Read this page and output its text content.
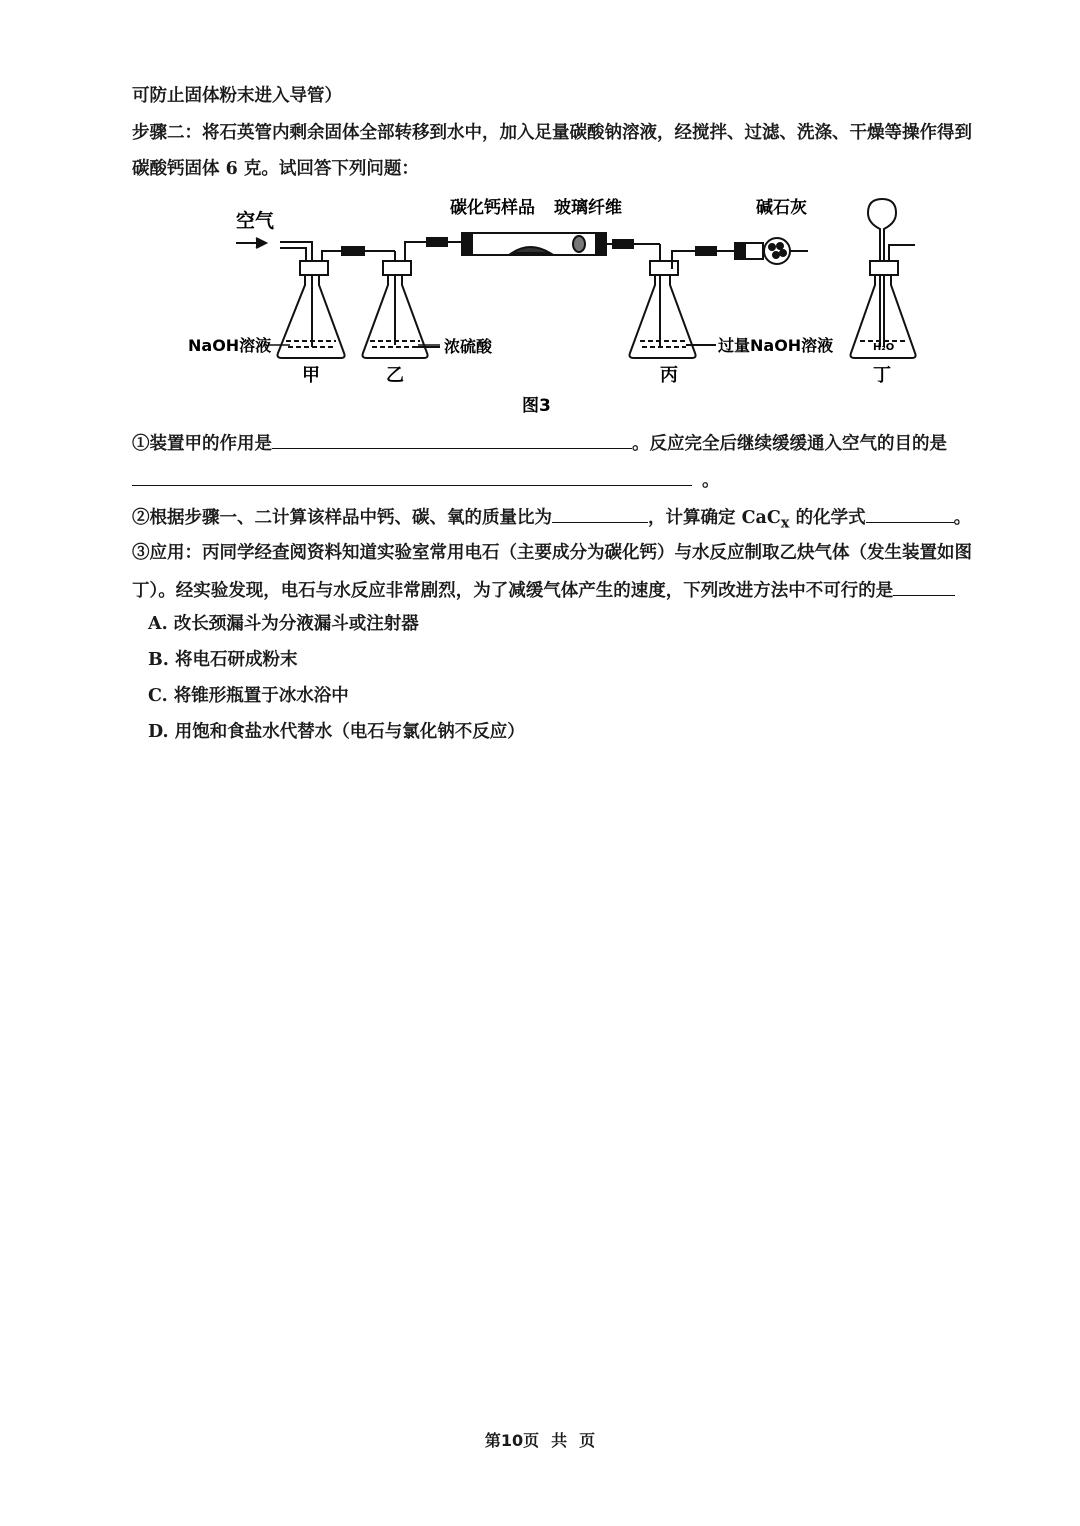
可防止固体粉末进入导管）
步骤二：将石英管内剩余固体全部转移到水中，加入足量碳酸钠溶液，经搅拌、过滤、洗涤、干燥等操作得到
碳酸钙固体 6 克。试回答下列问题：
空气
碳化钙样品 玻璃纤维	碱石灰
NaOH溶液	浓硫酸	过量NaOH溶液	H₂O
甲	乙	丙	丁
图3
①装置甲的作用是	。反应完全后继续缓缓通入空气的目的是
。
②根据步骤一、二计算该样品中钙、碳、氧的质量比为	，计算确定 CaC$_x$ 的化学式	。
③应用：丙同学经查阅资料知道实验室常用电石（主要成分为碳化钙）与水反应制取乙炔气体（发生装置如图
丁）。经实验发现，电石与水反应非常剧烈，为了减缓气体产生的速度，下列改进方法中不可行的是
A. 改长颈漏斗为分液漏斗或注射器
B. 将电石研成粉末
C. 将锥形瓶置于冰水浴中
D. 用饱和食盐水代替水（电石与氯化钠不反应）
第10页 共 页
